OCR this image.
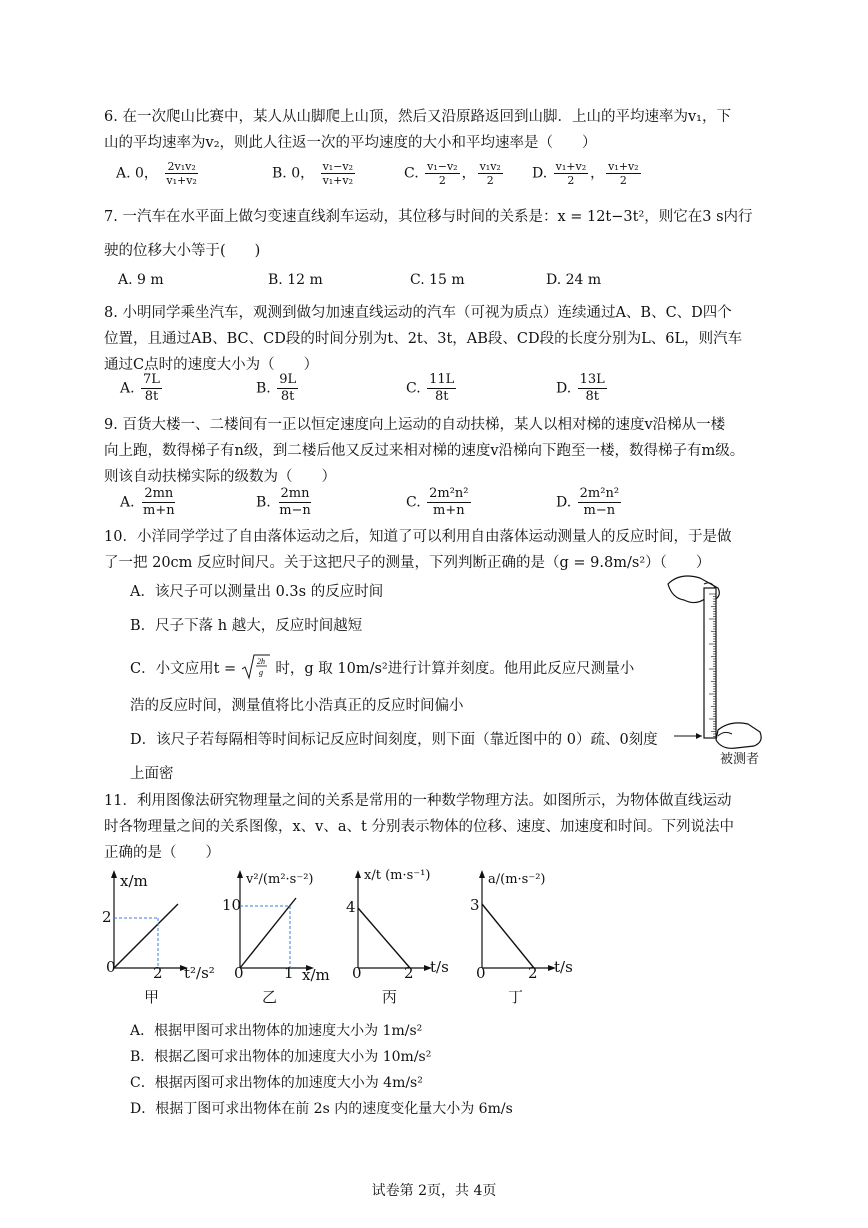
6. 在一次爬山比赛中，某人从山脚爬上山顶，然后又沿原路返回到山脚．上山的平均速率为v₁，下
山的平均速率为v₂，则此人往返一次的平均速度的大小和平均速率是（　　）
A. 0， $\frac{\text{2v₁v₂}}{\text{v₁+v₂}}$	B. 0， $\frac{\text{v₁−v₂}}{\text{v₁+v₂}}$	C. $\frac{\text{v₁−v₂}}{2}$ ， $\frac{\text{v₁v₂}}{2} D$. $\frac{\text{v₁+v₂}}{2}$ ， $\frac{\text{v₁+v₂}}{2}$
7. 一汽车在水平面上做匀变速直线刹车运动，其位移与时间的关系是：x = 12t−3t²，则它在3 s内行
驶的位移大小等于(　　)
A. 9 m	B. 12 m	C. 15 m	D. 24 m
8. 小明同学乘坐汽车，观测到做匀加速直线运动的汽车（可视为质点）连续通过A、B、C、D四个
位置，且通过AB、BC、CD段的时间分别为t、2t、3t，AB段、CD段的长度分别为L、6L，则汽车
通过C点时的速度大小为（　　）
A. $\frac{7L}{8t}$	B. $\frac{9L}{8t}$	C. $\frac{11L}{8t}$	D. $\frac{13L}{8t}$
9. 百货大楼一、二楼间有一正以恒定速度向上运动的自动扶梯，某人以相对梯的速度v沿梯从一楼
向上跑，数得梯子有n级，到二楼后他又反过来相对梯的速度v沿梯向下跑至一楼，数得梯子有m级。
则该自动扶梯实际的级数为（　　）
A. $\frac{2mn}{m+n}$	B. $\frac{2mn}{m-n}$	C. $\frac{\text{2m²n²}}{m+n}$	D. $\frac{\text{2m²n²}}{m-n}$
10．小洋同学学过了自由落体运动之后，知道了可以利用自由落体运动测量人的反应时间，于是做
了一把 20cm 反应时间尺。关于这把尺子的测量，下列判断正确的是（g = 9.8m/s²）（　　）
A．该尺子可以测量出 0.3s 的反应时间
B．尺子下落 h 越大，反应时间越短
C．小文应用t =	2h
g 时，g 取 10m/s²进行计算并刻度。他用此反应尺测量小
浩的反应时间，测量值将比小浩真正的反应时间偏小
D．该尺子若每隔相等时间标记反应时间刻度，则下面（靠近图中的 0）疏、0刻度
上面密
被测者
11．利用图像法研究物理量之间的关系是常用的一种数学物理方法。如图所示，为物体做直线运动
时各物理量之间的关系图像，x、v、a、t 分别表示物体的位移、速度、加速度和时间。下列说法中
正确的是（　　）
x/m
2
0 2 t²/s²
甲
v²/(m²·s⁻²)
10
0	1 x/m
乙
x/t (m·s⁻¹)
4
0	2 t/s
丙
a/(m·s⁻²)
3
0	2 t/s
丁
A．根据甲图可求出物体的加速度大小为 1m/s²
B．根据乙图可求出物体的加速度大小为 10m/s²
C．根据丙图可求出物体的加速度大小为 4m/s²
D．根据丁图可求出物体在前 2s 内的速度变化量大小为 6m/s
试卷第 2页，共 4页
